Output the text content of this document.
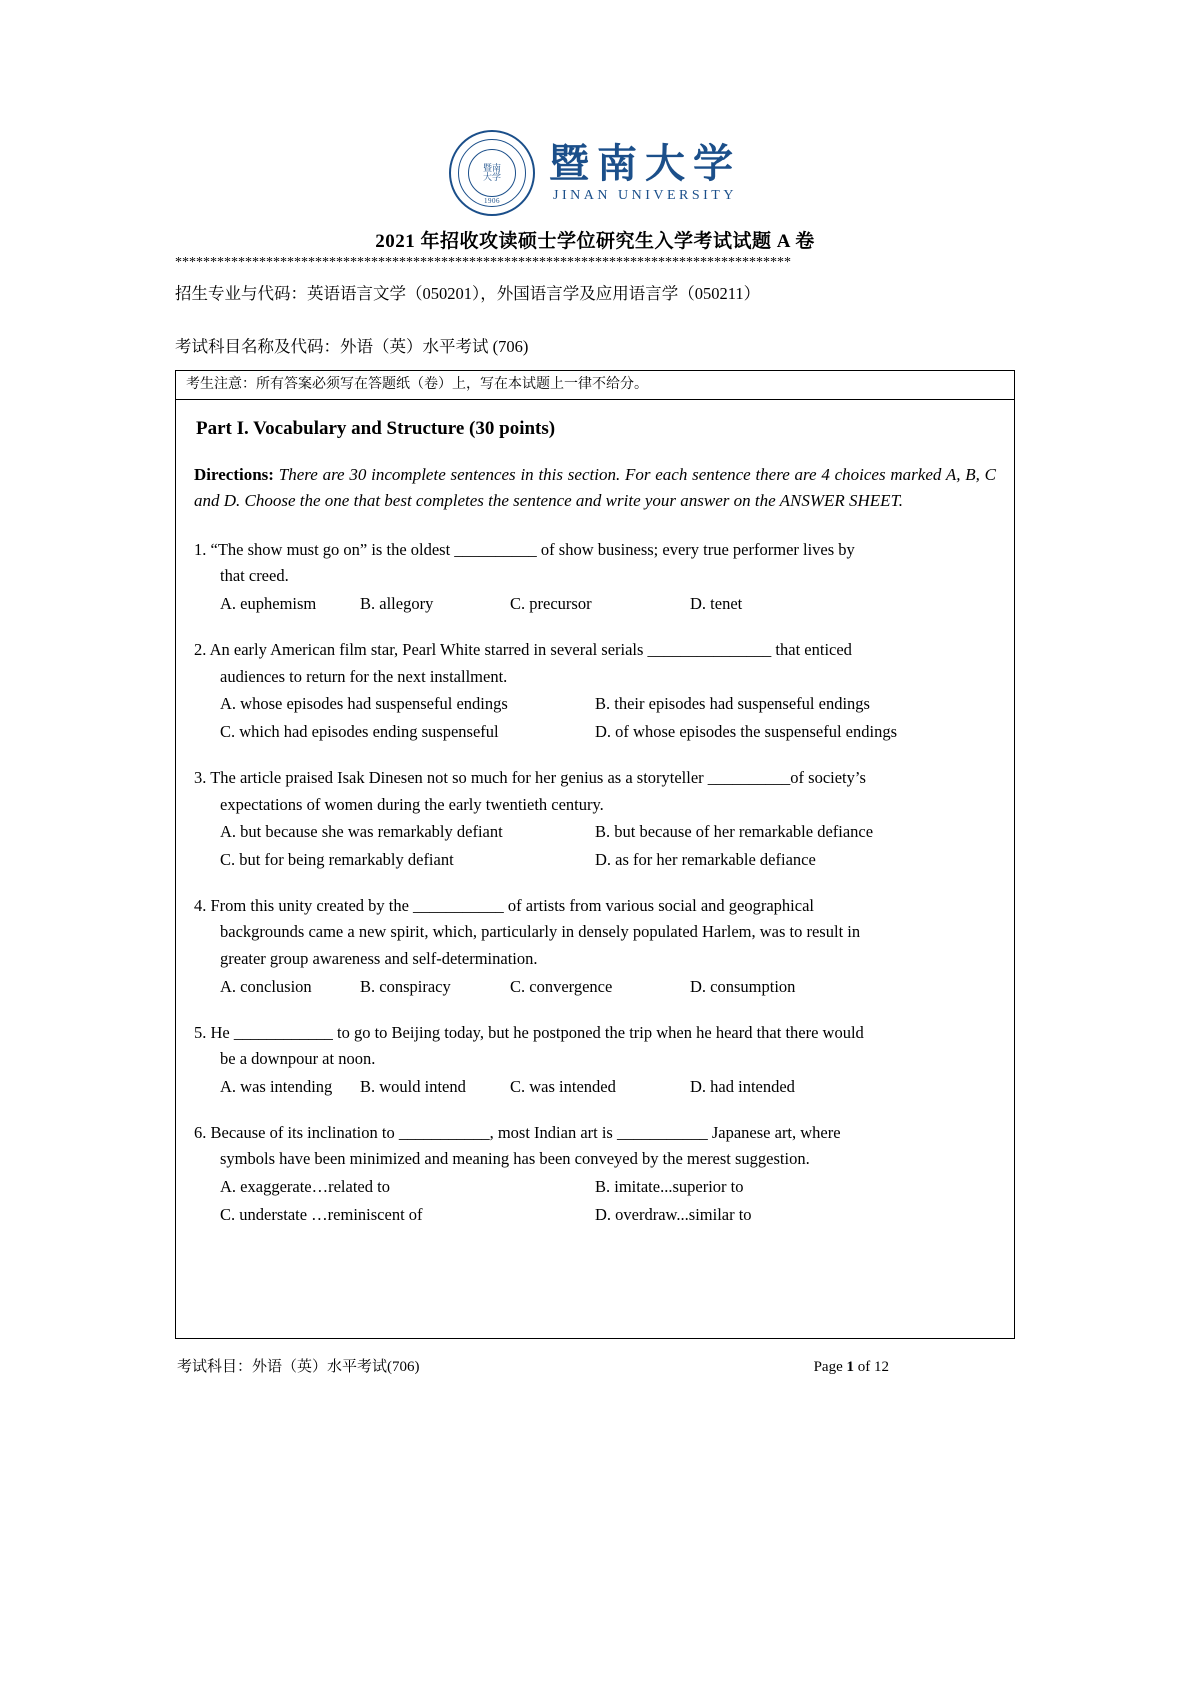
暨南
大学
1906
暨南大学
JINAN UNIVERSITY
2021 年招收攻读硕士学位研究生入学考试试题 A 卷
****************************************************************************************
招生专业与代码：英语语言文学（050201），外国语言学及应用语言学（050211）
考试科目名称及代码：外语（英）水平考试 (706)
考生注意：所有答案必须写在答题纸（卷）上，写在本试题上一律不给分。
Part I. Vocabulary and Structure (30 points)
Directions: There are 30 incomplete sentences in this section. For each sentence there are 4 choices marked A, B, C and D. Choose the one that best completes the sentence and write your answer on the ANSWER SHEET.
1. “The show must go on” is the oldest __________ of show business; every true performer lives by
that creed.
A. euphemism	B. allegory	C. precursor	D. tenet
2. An early American film star, Pearl White starred in several serials _______________ that enticed
audiences to return for the next installment.
A. whose episodes had suspenseful endings	B. their episodes had suspenseful endings
C. which had episodes ending suspenseful	D. of whose episodes the suspenseful endings
3. The article praised Isak Dinesen not so much for her genius as a storyteller __________of society’s
expectations of women during the early twentieth century.
A. but because she was remarkably defiant	B. but because of her remarkable defiance
C. but for being remarkably defiant	D. as for her remarkable defiance
4. From this unity created by the ___________ of artists from various social and geographical
backgrounds came a new spirit, which, particularly in densely populated Harlem, was to result in
greater group awareness and self-determination.
A. conclusion	B. conspiracy	C. convergence	D. consumption
5. He ____________ to go to Beijing today, but he postponed the trip when he heard that there would
be a downpour at noon.
A. was intending	B. would intend	C. was intended	D. had intended
6. Because of its inclination to ___________, most Indian art is ___________ Japanese art, where
symbols have been minimized and meaning has been conveyed by the merest suggestion.
A. exaggerate…related to	B. imitate...superior to
C. understate …reminiscent of	D. overdraw...similar to
考试科目：外语（英）水平考试(706)	Page 1 of 12
